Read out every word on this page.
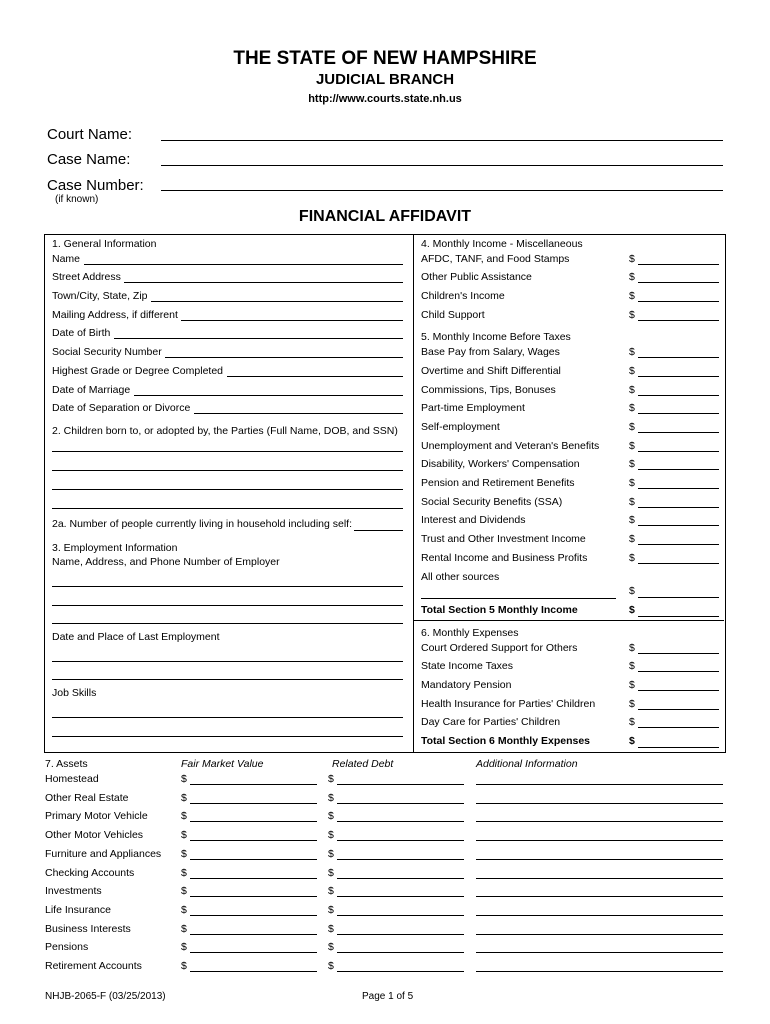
THE STATE OF NEW HAMPSHIRE
JUDICIAL BRANCH
http://www.courts.state.nh.us
Court Name:
Case Name:
Case Number:
(if known)
FINANCIAL AFFIDAVIT
1. General Information
Name
Street Address
Town/City, State, Zip
Mailing Address, if different
Date of Birth
Social Security Number
Highest Grade or Degree Completed
Date of Marriage
Date of Separation or Divorce
2. Children born to, or adopted by, the Parties (Full Name, DOB, and SSN)
2a. Number of people currently living in household including self:
3. Employment Information
Name, Address, and Phone Number of Employer
Date and Place of Last Employment
Job Skills
4. Monthly Income - Miscellaneous
AFDC, TANF, and Food Stamps	$
Other Public Assistance	$
Children's Income	$
Child Support	$
5. Monthly Income Before Taxes
Base Pay from Salary, Wages	$
Overtime and Shift Differential	$
Commissions, Tips, Bonuses	$
Part-time Employment	$
Self-employment	$
Unemployment and Veteran's Benefits	$
Disability, Workers' Compensation	$
Pension and Retirement Benefits	$
Social Security Benefits (SSA)	$
Interest and Dividends	$
Trust and Other Investment Income	$
Rental Income and Business Profits	$
All other sources
$
Total Section 5 Monthly Income	$
6. Monthly Expenses
Court Ordered Support for Others	$
State Income Taxes	$
Mandatory Pension	$
Health Insurance for Parties' Children	$
Day Care for Parties' Children	$
Total Section 6 Monthly Expenses	$
7. Assets	Fair Market Value	Related Debt	Additional Information
Homestead	$	$
Other Real Estate	$	$
Primary Motor Vehicle	$	$
Other Motor Vehicles	$	$
Furniture and Appliances $	$
Checking Accounts	$	$
Investments	$	$
Life Insurance	$	$
Business Interests	$	$
Pensions	$	$
Retirement Accounts	$	$
NHJB-2065-F (03/25/2013)	Page 1 of 5
